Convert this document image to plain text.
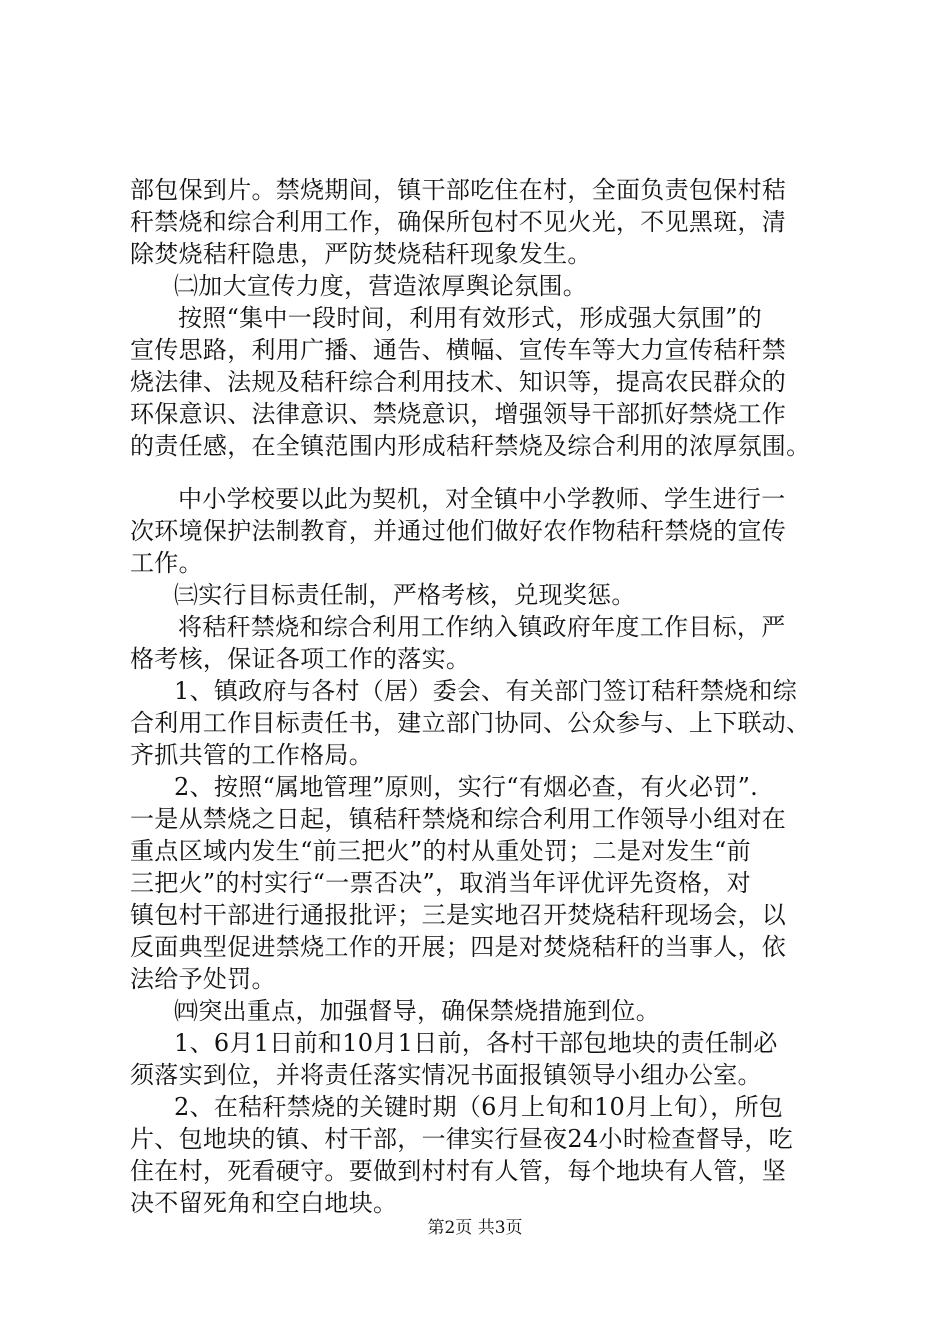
部包保到片。禁烧期间，镇干部吃住在村，全面负责包保村秸
秆禁烧和综合利用工作，确保所包村不见火光，不见黑斑，清
除焚烧秸秆隐患，严防焚烧秸秆现象发生。
㈡加大宣传力度，营造浓厚舆论氛围。
按照“集中一段时间，利用有效形式，形成强大氛围”的
宣传思路，利用广播、通告、横幅、宣传车等大力宣传秸秆禁
烧法律、法规及秸秆综合利用技术、知识等，提高农民群众的
环保意识、法律意识、禁烧意识，增强领导干部抓好禁烧工作
的责任感，在全镇范围内形成秸秆禁烧及综合利用的浓厚氛围。
中小学校要以此为契机，对全镇中小学教师、学生进行一
次环境保护法制教育，并通过他们做好农作物秸秆禁烧的宣传
工作。
㈢实行目标责任制，严格考核，兑现奖惩。
将秸秆禁烧和综合利用工作纳入镇政府年度工作目标，严
格考核，保证各项工作的落实。
1、镇政府与各村（居）委会、有关部门签订秸秆禁烧和综
合利用工作目标责任书，建立部门协同、公众参与、上下联动、
齐抓共管的工作格局。
2、按照“属地管理”原则，实行“有烟必查，有火必罚”.
一是从禁烧之日起，镇秸秆禁烧和综合利用工作领导小组对在
重点区域内发生“前三把火”的村从重处罚；二是对发生“前
三把火”的村实行“一票否决”，取消当年评优评先资格，对
镇包村干部进行通报批评；三是实地召开焚烧秸秆现场会，以
反面典型促进禁烧工作的开展；四是对焚烧秸秆的当事人，依
法给予处罚。
㈣突出重点，加强督导，确保禁烧措施到位。
1、6月1日前和10月1日前，各村干部包地块的责任制必
须落实到位，并将责任落实情况书面报镇领导小组办公室。
2、在秸秆禁烧的关键时期（6月上旬和10月上旬），所包
片、包地块的镇、村干部，一律实行昼夜24小时检查督导，吃
住在村，死看硬守。要做到村村有人管，每个地块有人管，坚
决不留死角和空白地块。
第2页 共3页
